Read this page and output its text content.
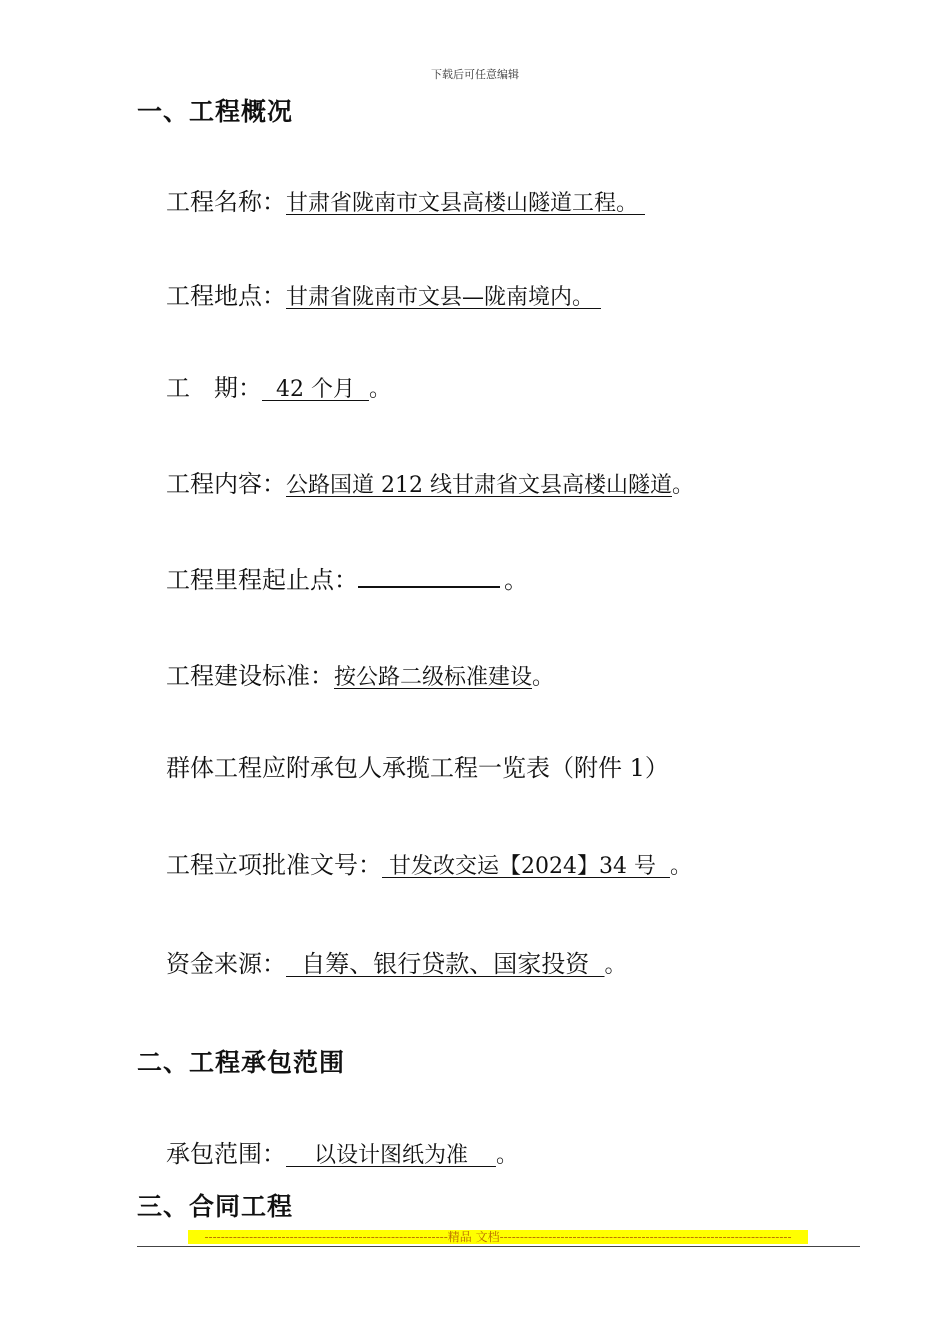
下载后可任意编辑
一、工程概况
工程名称：甘肃省陇南市文县高楼山隧道工程。
工程地点：甘肃省陇南市文县—陇南境内。
工　期：  42 个月  。
工程内容：公路国道 212 线甘肃省文县高楼山隧道。
工程里程起止点：	。
工程建设标准：按公路二级标准建设。
群体工程应附承包人承揽工程一览表（附件 1）
工程立项批准文号： 甘发改交运【2024】34 号  。
资金来源：  自筹、银行贷款、国家投资  。
二、工程承包范围
承包范围：    以设计图纸为准    。
三、合同工程
------------------------------------------------------------精品 文档------------------------------------------------------------------------
